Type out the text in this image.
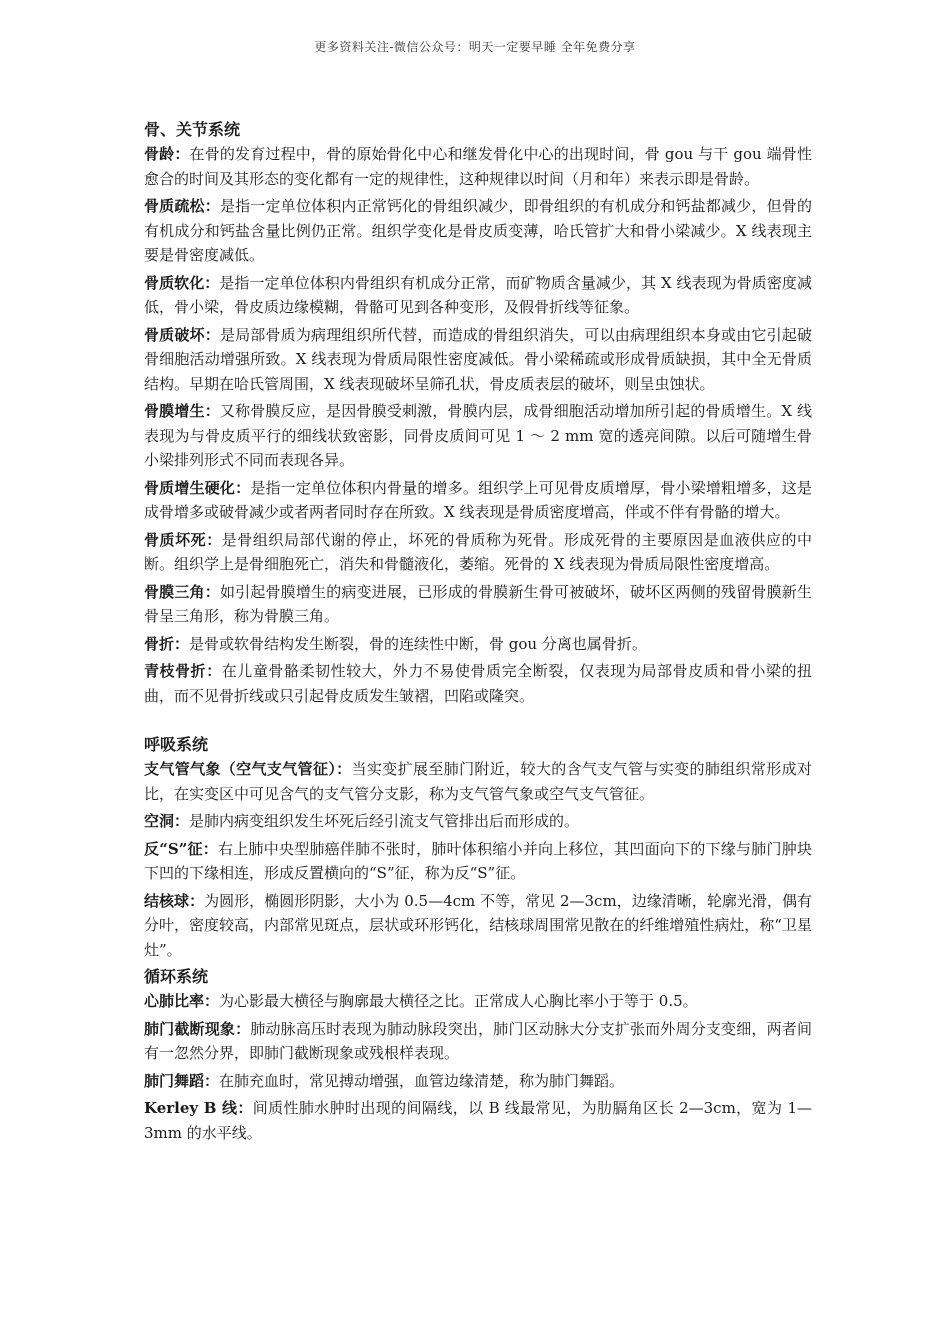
更多资料关注-微信公众号：明天一定要早睡 全年免费分享
骨、关节系统

骨龄：在骨的发育过程中，骨的原始骨化中心和继发骨化中心的出现时间，骨 gou 与干 gou 端骨性愈合的时间及其形态的变化都有一定的规律性，这种规律以时间（月和年）来表示即是骨龄。

骨质疏松：是指一定单位体积内正常钙化的骨组织减少，即骨组织的有机成分和钙盐都减少，但骨的有机成分和钙盐含量比例仍正常。组织学变化是骨皮质变薄，哈氏管扩大和骨小梁减少。X 线表现主要是骨密度减低。

骨质软化：是指一定单位体积内骨组织有机成分正常，而矿物质含量减少，其 X 线表现为骨质密度减低，骨小梁，骨皮质边缘模糊，骨骼可见到各种变形，及假骨折线等征象。

骨质破坏：是局部骨质为病理组织所代替，而造成的骨组织消失，可以由病理组织本身或由它引起破骨细胞活动增强所致。X 线表现为骨质局限性密度减低。骨小梁稀疏或形成骨质缺损，其中全无骨质结构。早期在哈氏管周围，X 线表现破坏呈筛孔状，骨皮质表层的破坏，则呈虫蚀状。

骨膜增生：又称骨膜反应，是因骨膜受刺激，骨膜内层，成骨细胞活动增加所引起的骨质增生。X 线表现为与骨皮质平行的细线状致密影，同骨皮质间可见 1 ～ 2 mm 宽的透亮间隙。以后可随增生骨小梁排列形式不同而表现各异。

骨质增生硬化：是指一定单位体积内骨量的增多。组织学上可见骨皮质增厚，骨小梁增粗增多，这是成骨增多或破骨减少或者两者同时存在所致。X 线表现是骨质密度增高，伴或不伴有骨骼的增大。

骨质坏死：是骨组织局部代谢的停止，坏死的骨质称为死骨。形成死骨的主要原因是血液供应的中断。组织学上是骨细胞死亡，消失和骨髓液化，萎缩。死骨的 X 线表现为骨质局限性密度增高。

骨膜三角：如引起骨膜增生的病变进展，已形成的骨膜新生骨可被破坏，破坏区两侧的残留骨膜新生骨呈三角形，称为骨膜三角。

骨折：是骨或软骨结构发生断裂，骨的连续性中断，骨 gou 分离也属骨折。

青枝骨折：在儿童骨骼柔韧性较大，外力不易使骨质完全断裂，仅表现为局部骨皮质和骨小梁的扭曲，而不见骨折线或只引起骨皮质发生皱褶，凹陷或隆突。

呼吸系统

支气管气象（空气支气管征）：当实变扩展至肺门附近，较大的含气支气管与实变的肺组织常形成对比，在实变区中可见含气的支气管分支影，称为支气管气象或空气支气管征。

空洞：是肺内病变组织发生坏死后经引流支气管排出后而形成的。

反“S”征：右上肺中央型肺癌伴肺不张时，肺叶体积缩小并向上移位，其凹面向下的下缘与肺门肿块下凹的下缘相连，形成反置横向的“S”征，称为反“S”征。

结核球：为圆形，椭圆形阴影，大小为 0.5—4cm 不等，常见 2—3cm，边缘清晰，轮廓光滑，偶有分叶，密度较高，内部常见斑点，层状或环形钙化，结核球周围常见散在的纤维增殖性病灶，称“卫星灶”。

循环系统

心肺比率：为心影最大横径与胸廓最大横径之比。正常成人心胸比率小于等于 0.5。

肺门截断现象：肺动脉高压时表现为肺动脉段突出，肺门区动脉大分支扩张而外周分支变细，两者间有一忽然分界，即肺门截断现象或残根样表现。

肺门舞蹈：在肺充血时，常见搏动增强，血管边缘清楚，称为肺门舞蹈。

Kerley B 线：间质性肺水肿时出现的间隔线，以 B 线最常见，为肋膈角区长 2—3cm，宽为 1—3mm 的水平线。
